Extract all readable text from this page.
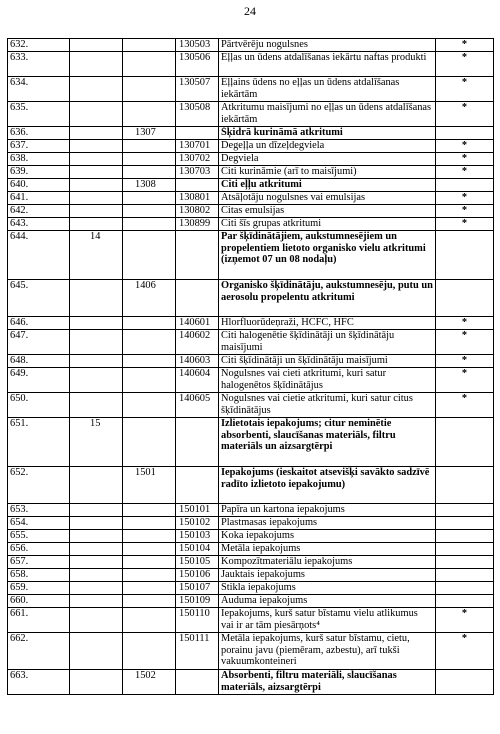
24
632.			130503	Pārtvērēju nogulsnes	*
633.			130506	Eļļas un ūdens atdalīšanas iekārtu naftas produkti	*
634.			130507	Eļļains ūdens no eļļas un ūdens atdalīšanas iekārtām	*
635.			130508	Atkritumu maisījumi no eļļas un ūdens atdalīšanas iekārtām	*
636.		1307		Šķidrā kurināmā atkritumi	
637.			130701	Degeļļa un dīzeļdegviela	*
638.			130702	Degviela	*
639.			130703	Citi kurināmie (arī to maisījumi)	*
640.		1308		Citi eļļu atkritumi	
641.			130801	Atsāļotāju nogulsnes vai emulsijas	*
642.			130802	Citas emulsijas	*
643.			130899	Citi šīs grupas atkritumi	*
644.	14			Par šķīdinātājiem, aukstumnesējiem un propelentiem lietoto organisko vielu atkritumi (izņemot 07 un 08 nodaļu)	
645.		1406		Organisko šķīdinātāju, aukstumnesēju, putu un aerosolu propelentu atkritumi	
646.			140601	Hlorfluorūdeņraži, HCFC, HFC	*
647.			140602	Citi halogenētie šķīdinātāji un šķīdinātāju maisījumi	*
648.			140603	Citi šķīdinātāji un šķīdinātāju maisījumi	*
649.			140604	Nogulsnes vai cieti atkritumi, kuri satur halogenētos šķīdinātājus	*
650.			140605	Nogulsnes vai cietie atkritumi, kuri satur citus šķīdinātājus	*
651.	15			Izlietotais iepakojums; citur neminētie absorbenti, slaucīšanas materiāls, filtru materiāls un aizsargtērpi	
652.		1501		Iepakojums (ieskaitot atsevišķi savākto sadzīvē radīto izlietoto iepakojumu)	
653.			150101	Papīra un kartona iepakojums	
654.			150102	Plastmasas iepakojums	
655.			150103	Koka iepakojums	
656.			150104	Metāla iepakojums	
657.			150105	Kompozītmateriālu iepakojums	
658.			150106	Jauktais iepakojums	
659.			150107	Stikla iepakojums	
660.			150109	Auduma iepakojums	
661.			150110	Iepakojums, kurš satur bīstamu vielu atlikumus vai ir ar tām piesārņots⁴	*
662.			150111	Metāla iepakojums, kurš satur bīstamu, cietu, porainu javu (piemēram, azbestu), arī tukši vakuumkonteineri	*
663.		1502		Absorbenti, filtru materiāli, slaucīšanas materiāls, aizsargtērpi	
